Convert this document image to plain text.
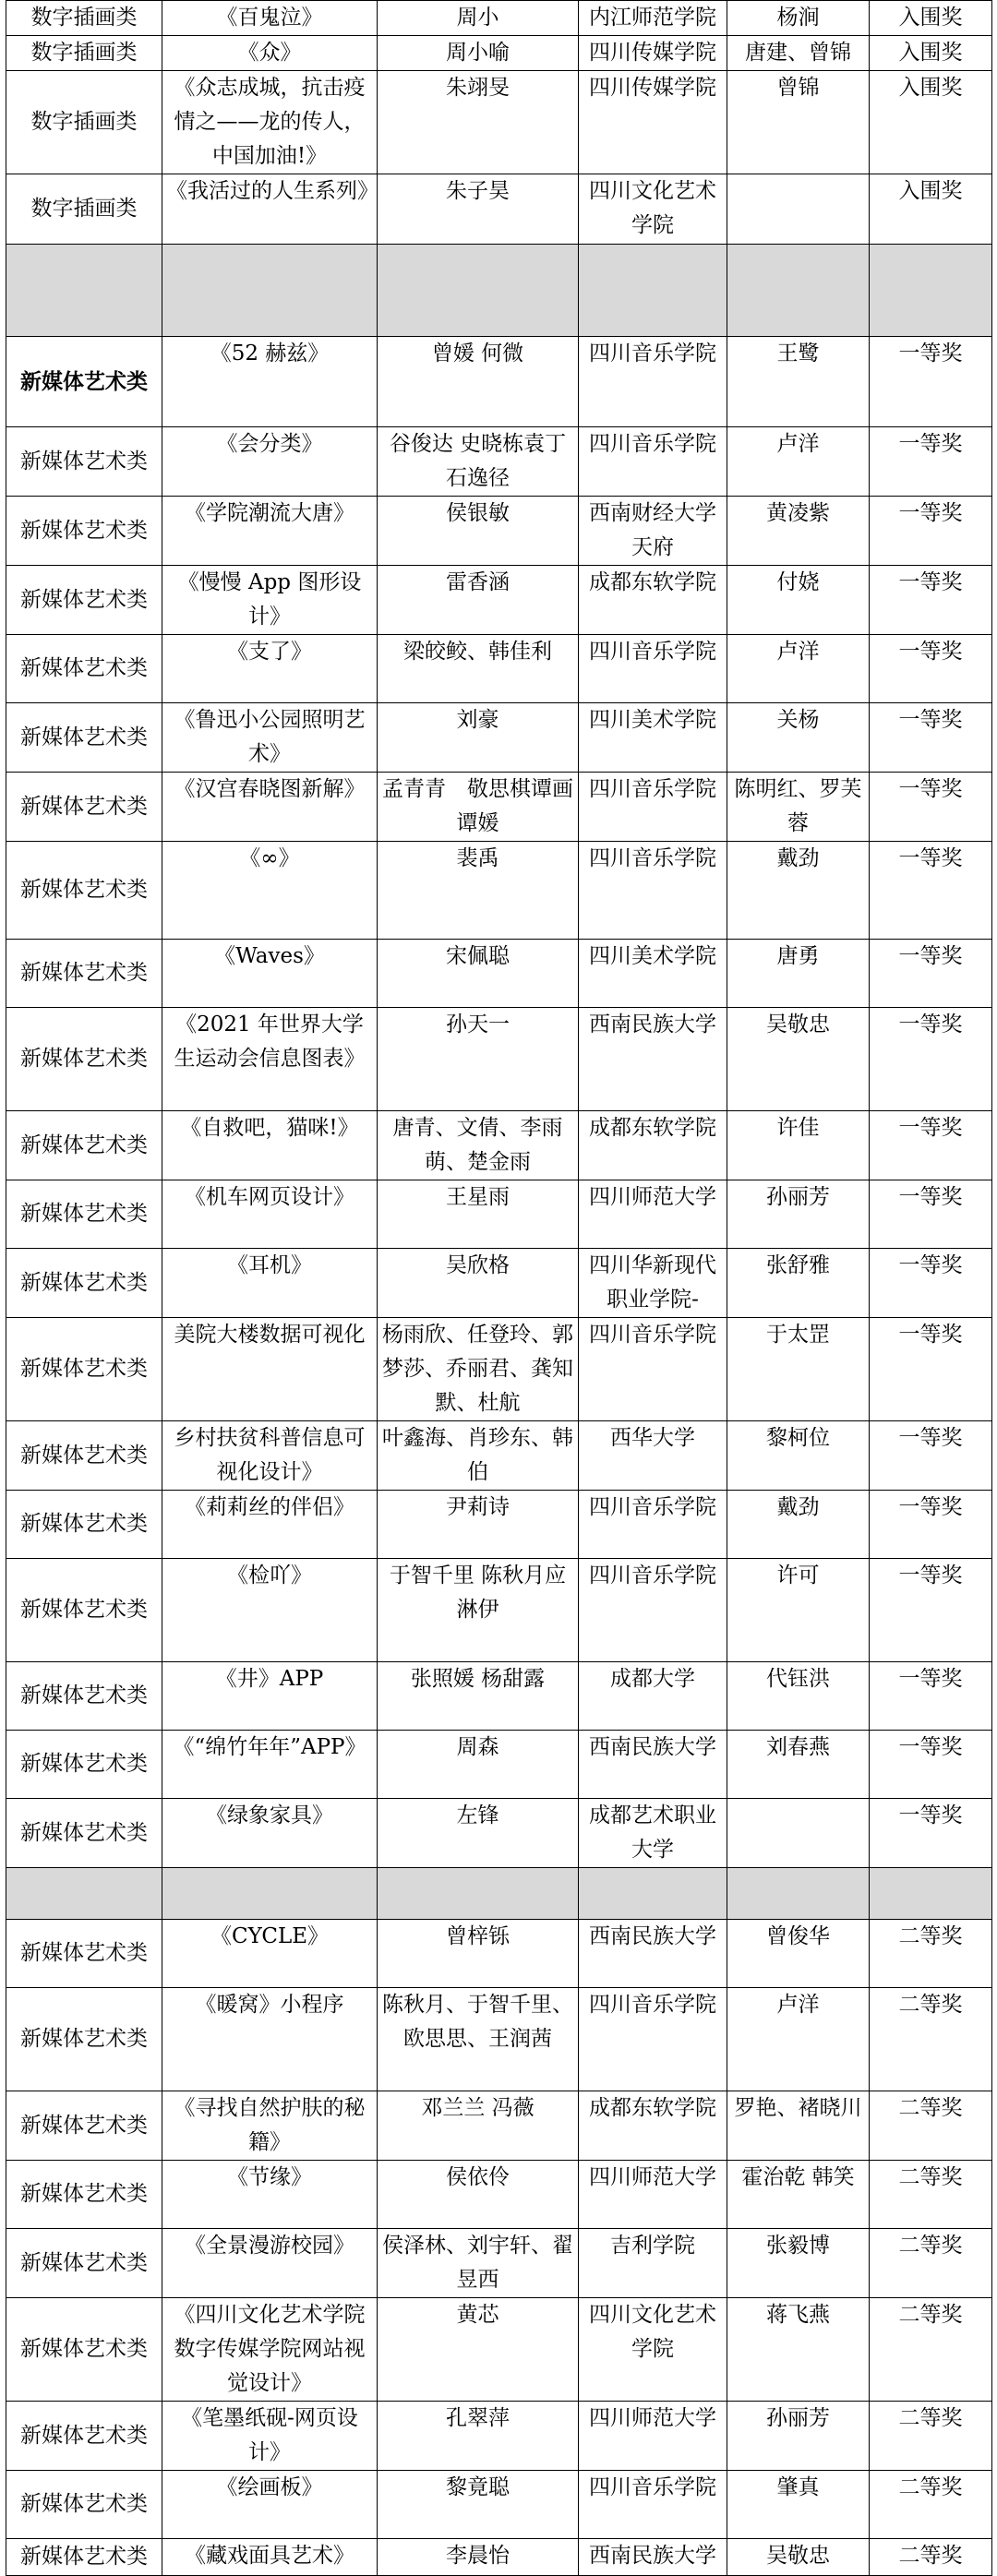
数字插画类	《百鬼泣》	周小	内江师范学院	杨涧	入围奖
数字插画类	《众》	周小喻	四川传媒学院	唐建、曾锦	入围奖
数字插画类	《众志成城，抗击疫情之——龙的传人，中国加油!》	朱翊旻	四川传媒学院	曾锦	入围奖
数字插画类	《我活过的人生系列》	朱子昊	四川文化艺术学院		入围奖

新媒体艺术类	《52 赫兹》	曾媛 何微	四川音乐学院	王鹭	一等奖
新媒体艺术类	《会分类》	谷俊达 史晓栋袁丁 石逸径	四川音乐学院	卢洋	一等奖
新媒体艺术类	《学院潮流大唐》	侯银敏	西南财经大学天府	黄凌紫	一等奖
新媒体艺术类	《慢慢 App 图形设计》	雷香涵	成都东软学院	付娆	一等奖
新媒体艺术类	《支了》	梁皎鲛、韩佳利	四川音乐学院	卢洋	一等奖
新媒体艺术类	《鲁迅小公园照明艺术》	刘豪	四川美术学院	关杨	一等奖
新媒体艺术类	《汉宫春晓图新解》	孟青青　敬思棋谭画　谭媛	四川音乐学院	陈明红、罗芙蓉	一等奖
新媒体艺术类	《∞》	裴禹	四川音乐学院	戴劲	一等奖
新媒体艺术类	《Waves》	宋佩聪	四川美术学院	唐勇	一等奖
新媒体艺术类	《2021 年世界大学生运动会信息图表》	孙天一	西南民族大学	吴敬忠	一等奖
新媒体艺术类	《自救吧，猫咪!》	唐青、文倩、李雨萌、楚金雨	成都东软学院	许佳	一等奖
新媒体艺术类	《机车网页设计》	王星雨	四川师范大学	孙丽芳	一等奖
新媒体艺术类	《耳机》	吴欣格	四川华新现代职业学院-	张舒雅	一等奖
新媒体艺术类	美院大楼数据可视化	杨雨欣、任登玲、郭梦莎、乔丽君、龚知默、杜航	四川音乐学院	于太罡	一等奖
新媒体艺术类	乡村扶贫科普信息可视化设计》	叶鑫海、肖珍东、韩伯	西华大学	黎柯位	一等奖
新媒体艺术类	《莉莉丝的伴侣》	尹莉诗	四川音乐学院	戴劲	一等奖
新媒体艺术类	《检吖》	于智千里 陈秋月应淋伊	四川音乐学院	许可	一等奖
新媒体艺术类	《井》APP	张照媛 杨甜露	成都大学	代钰洪	一等奖
新媒体艺术类	《“绵竹年年”APP》	周森	西南民族大学	刘春燕	一等奖
新媒体艺术类	《绿象家具》	左锋	成都艺术职业大学		一等奖

新媒体艺术类	《CYCLE》	曾梓铄	西南民族大学	曾俊华	二等奖
新媒体艺术类	《暖窝》小程序	陈秋月、于智千里、欧思思、王润茜	四川音乐学院	卢洋	二等奖
新媒体艺术类	《寻找自然护肤的秘籍》	邓兰兰 冯薇	成都东软学院	罗艳、褚晓川	二等奖
新媒体艺术类	《节缘》	侯依伶	四川师范大学	霍治乾 韩笑	二等奖
新媒体艺术类	《全景漫游校园》	侯泽林、刘宇轩、翟昱西	吉利学院	张毅博	二等奖
新媒体艺术类	《四川文化艺术学院数字传媒学院网站视觉设计》	黄芯	四川文化艺术学院	蒋飞燕	二等奖
新媒体艺术类	《笔墨纸砚-网页设计》	孔翠萍	四川师范大学	孙丽芳	二等奖
新媒体艺术类	《绘画板》	黎竟聪	四川音乐学院	肇真	二等奖
新媒体艺术类	《藏戏面具艺术》	李晨怡	西南民族大学	吴敬忠	二等奖
